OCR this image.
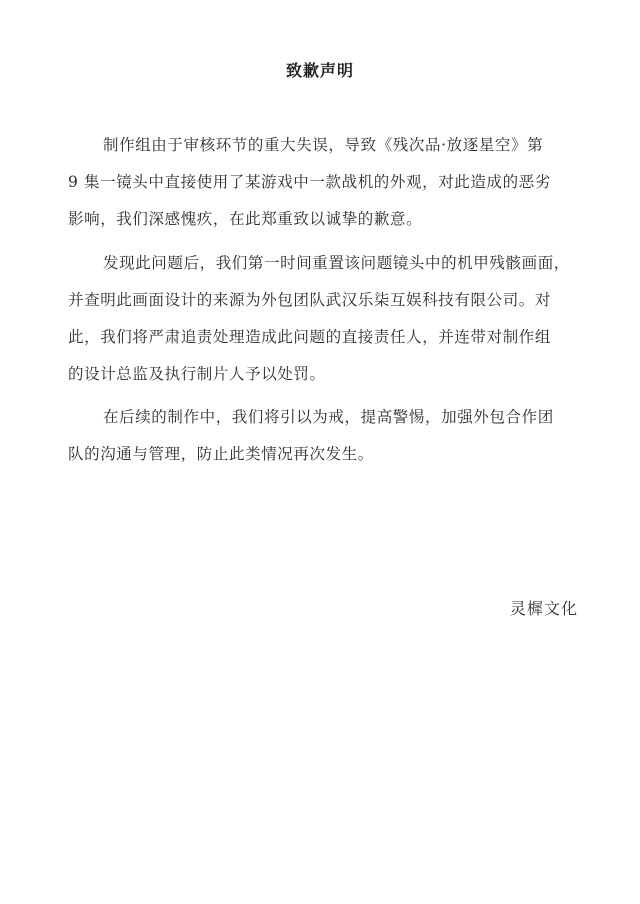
致歉声明
制作组由于审核环节的重大失误，导致《残次品·放逐星空》第
9 集一镜头中直接使用了某游戏中一款战机的外观，对此造成的恶劣
影响，我们深感愧疚，在此郑重致以诚挚的歉意。
发现此问题后，我们第一时间重置该问题镜头中的机甲残骸画面，
并查明此画面设计的来源为外包团队武汉乐柒互娱科技有限公司。对
此，我们将严肃追责处理造成此问题的直接责任人，并连带对制作组
的设计总监及执行制片人予以处罚。
在后续的制作中，我们将引以为戒，提高警惕，加强外包合作团
队的沟通与管理，防止此类情况再次发生。
灵樨文化
